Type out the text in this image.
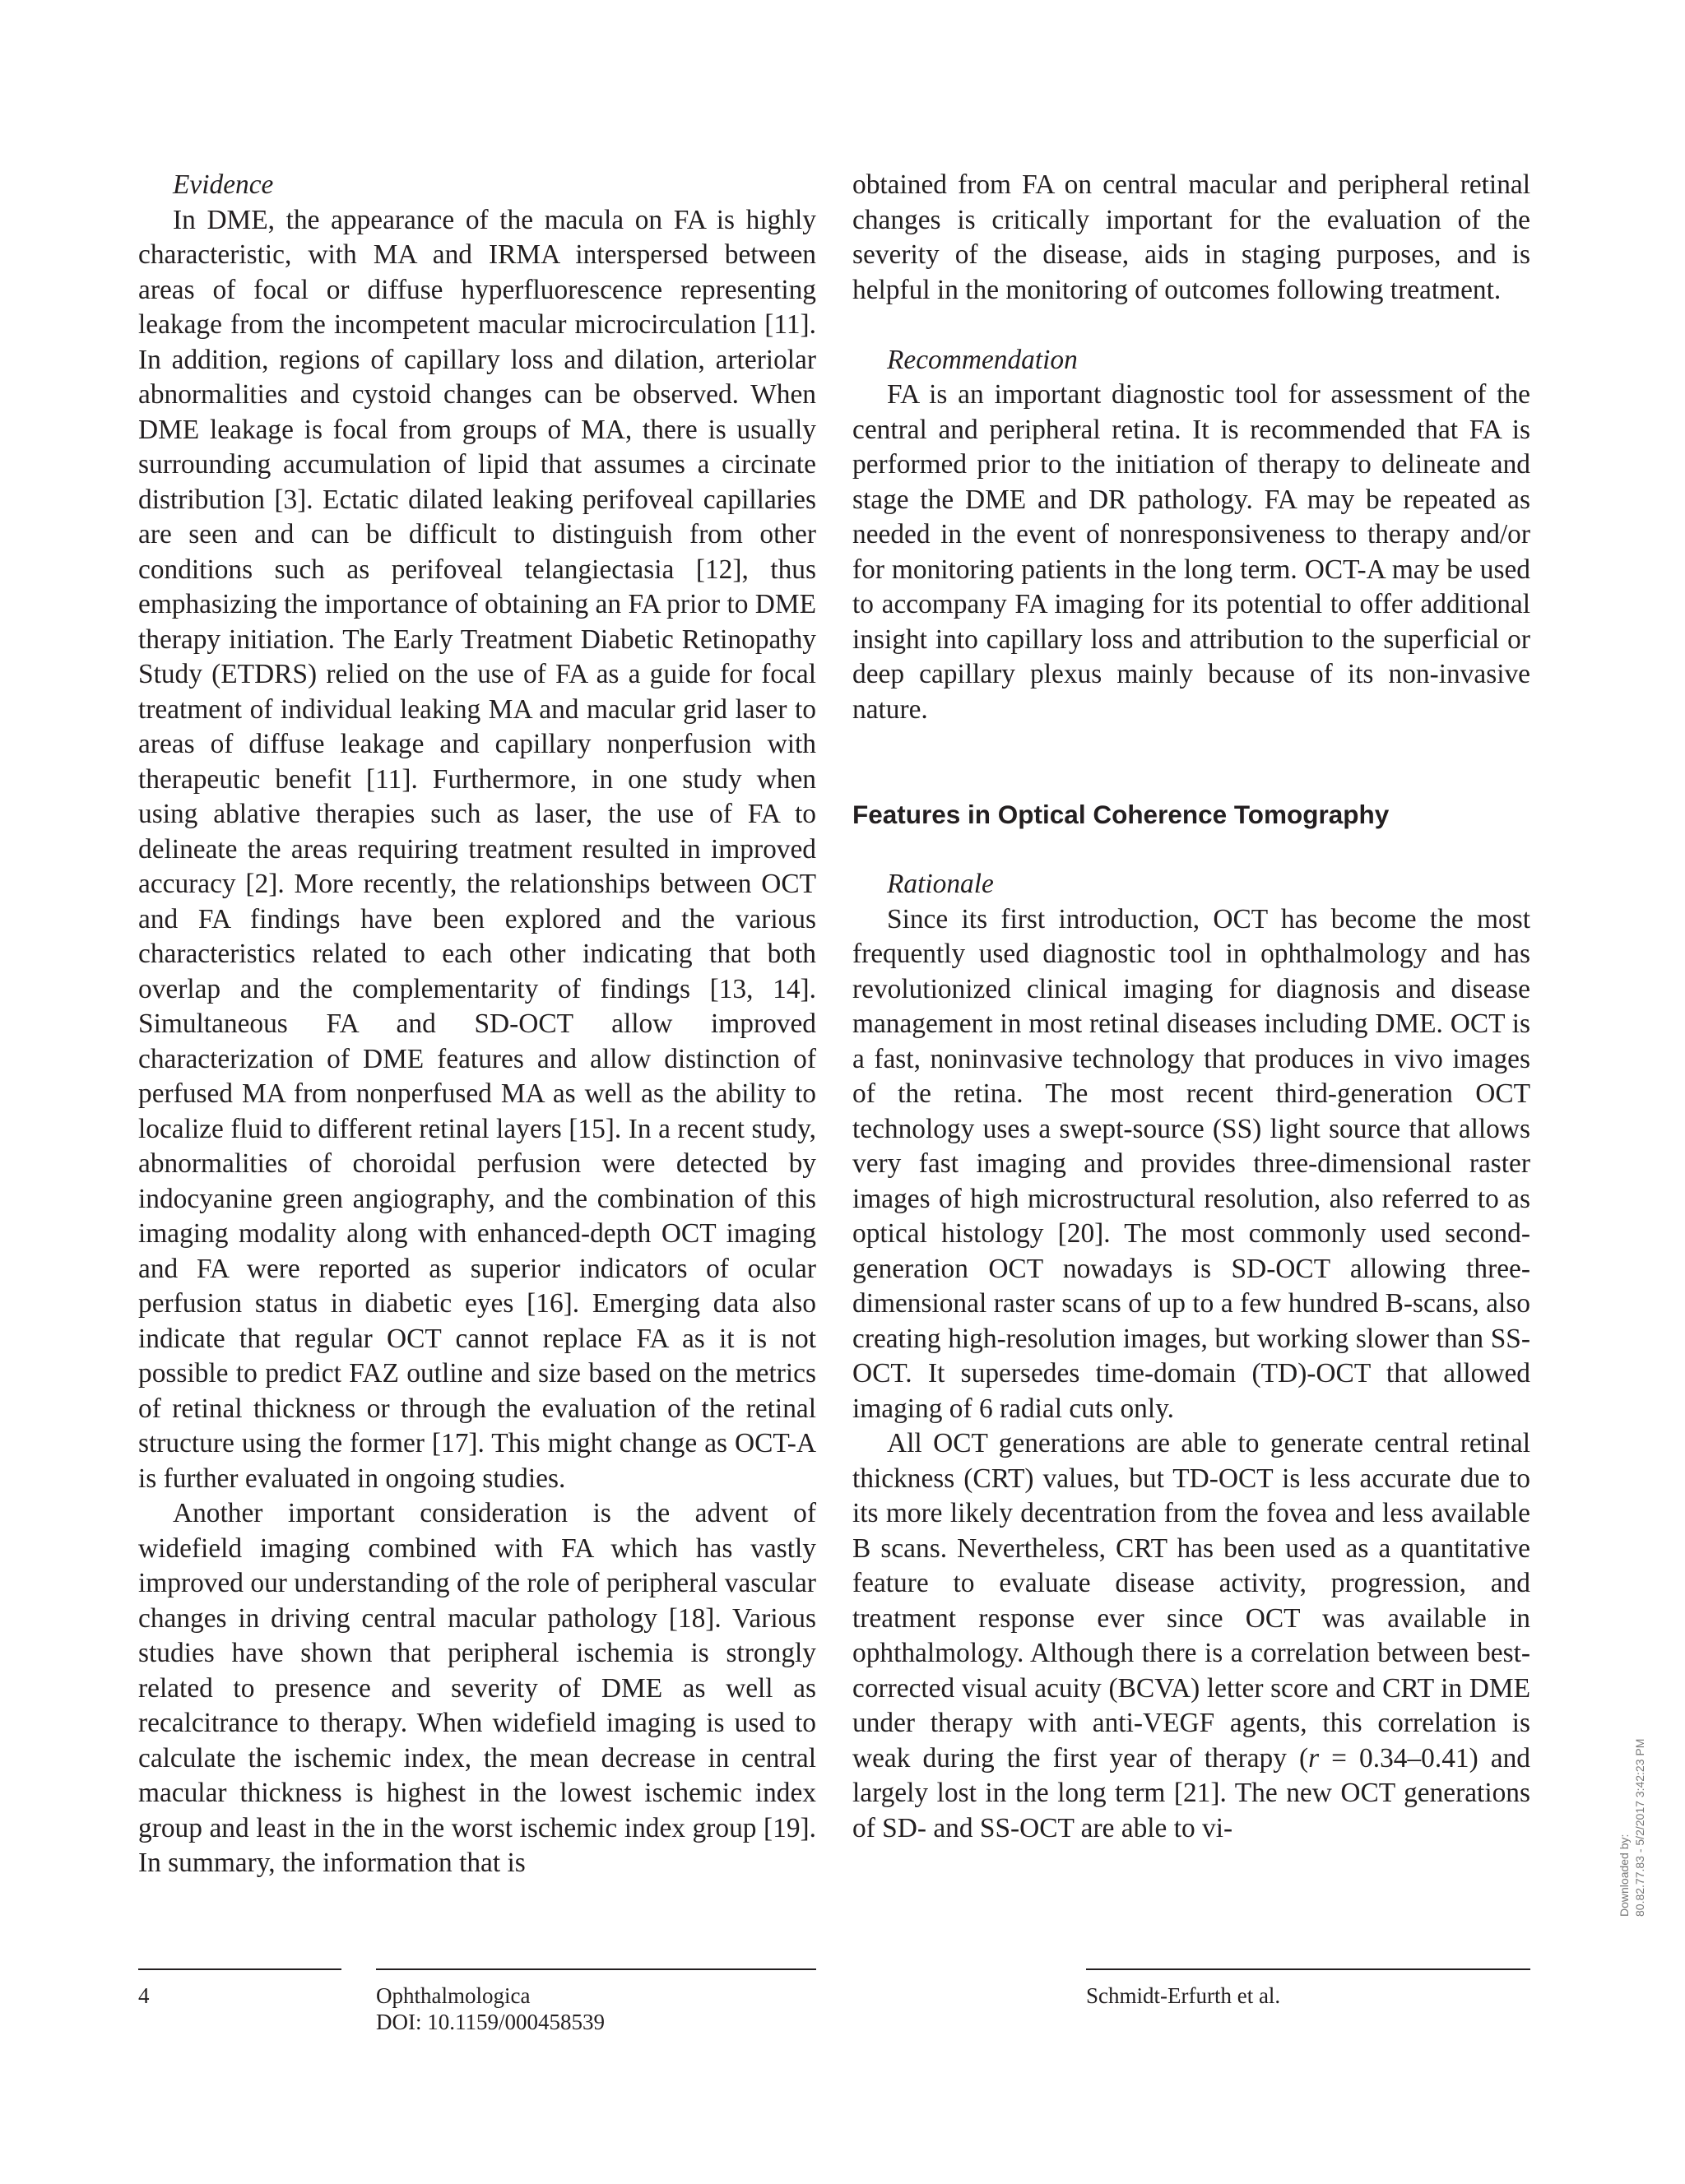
Evidence

In DME, the appearance of the macula on FA is highly characteristic, with MA and IRMA interspersed between areas of focal or diffuse hyperfluorescence representing leakage from the incompetent macular microcirculation [11]. In addition, regions of capillary loss and dilation, arteriolar abnormalities and cystoid changes can be observed. When DME leakage is focal from groups of MA, there is usually surrounding accumulation of lipid that assumes a circinate distribution [3]. Ectatic dilated leaking perifoveal capillaries are seen and can be difficult to distinguish from other conditions such as perifoveal telangiectasia [12], thus emphasizing the importance of obtaining an FA prior to DME therapy initiation. The Early Treatment Diabetic Retinopathy Study (ETDRS) relied on the use of FA as a guide for focal treatment of individual leaking MA and macular grid laser to areas of diffuse leakage and capillary nonperfusion with therapeutic benefit [11]. Furthermore, in one study when using ablative therapies such as laser, the use of FA to delineate the areas requiring treatment resulted in improved accuracy [2]. More recently, the relationships between OCT and FA findings have been explored and the various characteristics related to each other indicating that both overlap and the complementarity of findings [13, 14]. Simultaneous FA and SD-OCT allow improved characterization of DME features and allow distinction of perfused MA from nonperfused MA as well as the ability to localize fluid to different retinal layers [15]. In a recent study, abnormalities of choroidal perfusion were detected by indocyanine green angiography, and the combination of this imaging modality along with enhanced-depth OCT imaging and FA were reported as superior indicators of ocular perfusion status in diabetic eyes [16]. Emerging data also indicate that regular OCT cannot replace FA as it is not possible to predict FAZ outline and size based on the metrics of retinal thickness or through the evaluation of the retinal structure using the former [17]. This might change as OCT-A is further evaluated in ongoing studies.

Another important consideration is the advent of widefield imaging combined with FA which has vastly improved our understanding of the role of peripheral vascular changes in driving central macular pathology [18]. Various studies have shown that peripheral ischemia is strongly related to presence and severity of DME as well as recalcitrance to therapy. When widefield imaging is used to calculate the ischemic index, the mean decrease in central macular thickness is highest in the lowest ischemic index group and least in the in the worst ischemic index group [19]. In summary, the information that is

obtained from FA on central macular and peripheral retinal changes is critically important for the evaluation of the severity of the disease, aids in staging purposes, and is helpful in the monitoring of outcomes following treatment.

Recommendation

FA is an important diagnostic tool for assessment of the central and peripheral retina. It is recommended that FA is performed prior to the initiation of therapy to delineate and stage the DME and DR pathology. FA may be repeated as needed in the event of nonresponsiveness to therapy and/or for monitoring patients in the long term. OCT-A may be used to accompany FA imaging for its potential to offer additional insight into capillary loss and attribution to the superficial or deep capillary plexus mainly because of its non-invasive nature.

Features in Optical Coherence Tomography

Rationale

Since its first introduction, OCT has become the most frequently used diagnostic tool in ophthalmology and has revolutionized clinical imaging for diagnosis and disease management in most retinal diseases including DME. OCT is a fast, noninvasive technology that produces in vivo images of the retina. The most recent third-generation OCT technology uses a swept-source (SS) light source that allows very fast imaging and provides three-dimensional raster images of high microstructural resolution, also referred to as optical histology [20]. The most commonly used second-generation OCT nowadays is SD-OCT allowing three-dimensional raster scans of up to a few hundred B-scans, also creating high-resolution images, but working slower than SS-OCT. It supersedes time-domain (TD)-OCT that allowed imaging of 6 radial cuts only.

All OCT generations are able to generate central retinal thickness (CRT) values, but TD-OCT is less accurate due to its more likely decentration from the fovea and less available B scans. Nevertheless, CRT has been used as a quantitative feature to evaluate disease activity, progression, and treatment response ever since OCT was available in ophthalmology. Although there is a correlation between best-corrected visual acuity (BCVA) letter score and CRT in DME under therapy with anti-VEGF agents, this correlation is weak during the first year of therapy (r = 0.34–0.41) and largely lost in the long term [21]. The new OCT generations of SD- and SS-OCT are able to vi-

4	Ophthalmologica
DOI: 10.1159/000458539
Schmidt-Erfurth et al.
Downloaded by: 80.82.77.83 - 5/2/2017 3:42:23 PM
